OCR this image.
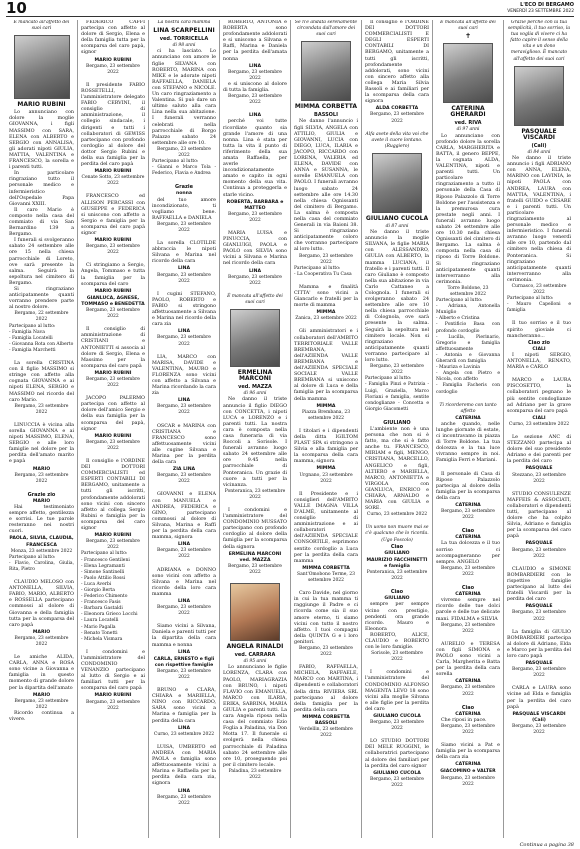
10	L'ECO DI BERGAMO
VENERDÌ 23 SETTEMBRE 2022
È mancato all'affetto dei suoi cari
MARIO RUBINI

Lo annunciano con dolore la moglie GIOVANNA, i figli MASSIMO con SARA, ELENA con ALBERTO e SERGIO con ANNALISA, gli adorati nipoti GIULIA, MATTIA, VALENTINA e FRANCESCO, la sorella e i parenti tutti.

In particolare ringraziano tutto il personale medico e infermieristico dell'Ospedale Papa Giovanni XXIII.

Il caro Mario è composto nella casa del commiato di via San Bernardino 139 a Bergamo.

I funerali si svolgeranno sabato 24 settembre alle ore 15 nella chiesa parrocchiale di Loreto, ove sarà presente la salma. Seguirà la sepoltura nel cimitero di Bergamo.

Si ringraziano anticipatamente quanti vorranno prendere parte al nostro dolore.

Bergamo, 22 settembre 2022
Partecipano al lutto:
- Famiglia Nava
- Famiglia Locatelli
- Giovanna Rota con Alberto
- Famiglia Marchetti

La sorella CRISTINA con il figlio MASSIMO si stringe con affetto alla cognata GIOVANNA e ai nipoti ELENA, SERGIO e MASSIMO nel ricordo del caro Mario.

Bergamo, 23 settembre 2022

LINUCCIA è vicina alla sorella GIOVANNA e ai nipoti MASSIMO, ELENA, SERGIO e alle loro famiglie nel dolore per la perdita dell'amato marito e papà

MARIO
Bergamo, 23 settembre 2022
Grazie zio
MARIO

Hai testimoniato sempre affetto, gentilezza e sorrisi. Le tue parole resteranno nei nostri cuori.

PAOLA, SILVIA, CLAUDIA, FRANCESCA
Monza, 23 settembre 2022
Partecipano al lutto:
- Flavio, Carolina, Giulia, Rita, Pietro

CLAUDIO MELOSO con ANTONELLA, SILVIA, FABIO, MARIO, ALBERTO e ROSSELLA partecipano commossi al dolore di Giovanna e della famiglia tutta per la scomparsa del caro papà

MARIO
Bergamo, 23 settembre 2022

Le amiche ALIDA, CARLA, ANNA e ROSA sono vicine a Giovanna e famiglia in questo momento di grande dolore per la dipartita dell'amato

MARIO
Bergamo, 23 settembre 2022

Ricordo continua a vivere.

FEDERICO CAFFI partecipa con affetto al dolore di Sergio, Elena e della famiglia tutta per la scomparsa del caro papà, signor

MARIO RUBINI
Bergamo, 23 settembre 2022

Il presidente FABIO ROSSETELLI, l'amministratore delegato FABIO CERVINI, il consiglio di amministrazione, il collegio sindacale, i dirigenti e tutti i collaboratori di GEWISS partecipano con profondo cordoglio al dolore del dottor Sergio Rubini e della sua famiglia per la perdita del caro papà

MARIO RUBINI
Cenate Sotto, 23 settembre 2022

FRANCESCO ed ALLISON PERCASSI con GIUSEPPE e FEDERICA si uniscono con affetto a Sergio e famiglia per la scomparsa del caro papà signor

MARIO RUBINI
Bergamo, 23 settembre 2022

Ci stringiamo a Sergio, Angela, Tommaso e tutta la famiglia per la scomparsa del caro

MARIO RUBINI
GIANLUCA, AGNESE, TOMMASO e BENEDETTA
Bergamo, 23 settembre 2022

Il consiglio di amministrazione di CRISTIANI e ANTONIETTI si associa al dolore di Sergio, Elena e Massimo per la scomparsa del caro papà

MARIO RUBINI
Bergamo, 23 settembre 2022

JACOPO PALERMO partecipa con affetto al dolore dell'amico Sergio e della sua famiglia per la scomparsa del papà, signor

MARIO RUBINI
Bergamo, 23 settembre 2022

Il consiglio e l'ORDINE DEI DOTTORI COMMERCIALISTI ed ESPERTI CONTABILI DI BERGAMO, unitamente a tutti gli iscritti, profondamente addolorati sono vicini con sincero affetto al collega Sergio Rubini e famiglia per la scomparsa del caro signor

MARIO RUBINI
Bergamo, 23 settembre 2022
Partecipano al lutto:
- Francesco Gentileni
- Elena Legramanti
- Simone Santinelli
- Paolo Attilio Rossi
- Luca Averbi
- Giorgio Berta
- Federico Chimento
- Francesco Fasis
- Barbara Gastaldi
- Eleonora Grieco Locchi
- Laura Locatelli
- Mario Pagalla
- Renato Tonetti
- Michela Vismara

I condomini e l'amministratore del CONDOMINIO VENANZIO partecipano al lutto di Sergio e ai familiari tutti per la scomparsa del caro papà

MARIO RUBINI
Bergamo, 23 settembre 2022
La nostra cara mamma
LINA SCARPELLINI
ved. TORRICELLA
di 98 anni

ci ha lasciato. Lo annunciano con amore le figlie SILVANA con ROBERTO, MARINA con MIKE e le adorate nipoti RAFFAELLA, DANIELA con STEFANO e NICOLE. Un caro ringraziamento a Valentina. Si può dare un ultimo saluto alla cara Lina nella sua abitazione. I funerali verranno celebrati nella parrocchiale di Borgo Palazzo sabato 24 settembre alle ore 10.

Bergamo, 23 settembre 2022
Partecipano al lutto:
- Gianni e Marco Tola - Federico, Flavia e Andrea
Grazie
nonna

del tuo amore incondizionato, ti vogliamo bene. RAFFAELLA e DANIELA

Bergamo, 23 settembre 2022

La sorella CLOTILDE abbraccia le nipoti Silvana e Marina nel ricordo della cara

LINA
Bergamo, 23 settembre 2022

I cugini STEFANO, PAOLO, ROBERTO e FABIO si stringono affettuosamente a Silvana e Marina nel ricordo della cara zia

LINA
Bergamo, 23 settembre 2022

LIA, MARCO con MARISA, DAVIDE e VALENTINA, MAURO e FLORENZA sono vicini con affetto a Silvana e Marina ricordando la cara zia

LINA
Bergamo, 23 settembre 2022

OSCAR e MARINA con CRISTIANA e FRANCESCO sono affettuosamente vicini alle cugine Silvana e Marina per la perdita della cara

ZIA LINA
Bergamo, 23 settembre 2022

GIOVANNI e ELENA con MANUELA e ANDREA, FEDERICA e GINO, partecipano commossi al dolore di Silvana, Marina e Raffi per la perdita della cara mamma, signora

LINA
Bergamo, 23 settembre 2022

ADRIANA e DONNO sono vicini con affetto a Silvana e Marina nel ricordo della loro cara mamma

LINA
Bergamo, 23 settembre 2022

Siamo vicini a Silvana, Daniela e parenti tutti per la dipartita della cara mamma e nonna

LINA
CARLA, ERNESTO e figli con rispettive famiglie
Bergamo, 23 settembre 2022

BRUNO e CLARA, CHIARA e MARIELLA, NINO con RICCARDO, SARA sono vicini a Marina e famiglia per la perdita della cara

LINA
Curno, 23 settembre 2022

LUISA, UMBERTO ed ANDREA con MARIA PAOLA e famiglia sono affettuosamente vicini a Marina e Raffaella per la perdita della cara zia, signora

LINA
Bergamo, 23 settembre 2022

ROBERTO, ANTONIA e ROBERTA sono profondamente addolorati e si uniscono a Silvana e Raffi, Marina e Daniela per la perdita dell'amata nonna

LINA
Bergamo, 23 settembre 2022

e si uniscono al dolore di tutta la famiglia.

Bergamo, 23 settembre 2022
LINA

perché voi tutte ricordiate quanto sia grande l'amore di una nonna. Lina è stata per tutta la vita il punto di riferimento della sua amata Raffaella, per averle incondizionatamente amato e capito in ogni momento della sua vita. Continua a proteggerla e starle vicino.

ROBERTA, BARBARA e MATTEO
Bergamo, 23 settembre 2022

MARIA LUISA e PINUCCIA, con GIANLUIGI, PAOLA e PAOLO con SILVIA sono vicini a Silvana e Marina nel ricordo della cara

LINA
Bergamo, 23 settembre 2022
È mancata all'affetto dei suoi cari
ERMELINA MARCONI
ved. MAZZA
di 96 anni

Ne danno il triste annuncio il figlio DIEGO con CONCETTA, i nipoti LUCA e LORENZO e i parenti tutti. La nostra cara è composta nella casa funeraria di via Roccoli a Sorisole. I funerali avranno luogo sabato 24 settembre alle ore 9.45 nella parrocchiale di Ponteranica. Un grazie di cuore a tutti per la vicinanza.

Ponteranica, 23 settembre 2022

I condomini e l'amministratore del CONDOMINIO MUSSATO partecipano con profondo cordoglio al dolore della famiglia per la scomparsa della signora

ERMELINA MARCONI ved. MAZZA
Bergamo, 23 settembre 2022
ANGELA RINALDI
ved. CARRARA
di 95 anni

Lo annunciano le figlie LORENZA, CLARA con PAOLO, MARIAGRAZIA con BRUNO, i nipoti FLAVIO con EMANUELA, MARCO con ILARIA, ERIKA, SABRINA, MARIA GIULIA e parenti tutti. La cara Angela riposa nella casa del commiato Ezio Foglia a Paladina, via Don Motta 17. Il funerale si svolgerà nella chiesa parrocchiale di Paladina sabato 24 settembre alle ore 10, proseguendo poi per il cimitero locale.

Paladina, 23 settembre 2022
Se n'è andata serenamente circondata dall'amore dei suoi cari
MIMMA CORBETTA
BASSOLI

Ne danno l'annuncio i figli SILVIA, ANGELA con ATTILIO, GIULIA e GIOVANNI, LUCIA con DIEGO, LUCA, ILARIA e JACOPO, RICCARDO con LORENA, VALERIA ed ELENA, DAVIDE con ANNA e SUSANNA, le sorelle EMANUELA con PAOLO. I funerali avranno luogo sabato 24 settembre alle ore 14.30 nella chiesa Ognissanti del cimitero di Bergamo. La salma è composta nella casa del commiato Generali in via Baioni 38. Si ringraziano anticipatamente coloro che vorranno partecipare al loro lutto.

Bergamo, 23 settembre 2022
Partecipano al lutto:
- La Cooperativa Tu Casa

Mamma e finalità CITTA' sono vicini a Giancarlo e fratelli per la morte di mamma

MIMMA
Zanica, 23 settembre 2022

Gli amministratori e i collaboratori dell'AMBITO TERRITORIALE VALLE BREMBANA, dell'AZIENDA VALLE BREMBANA e dell'AZIENDA SPECIALE SOCIALE VALLE BREMBANA si uniscono al dolore di Luca e della famiglia per la scomparsa della mamma

MIMMA
Piazza Brembana, 23 settembre 2022

I titolari e i dipendenti della ditta IGILTOM PLAST SPA si stringono a Silvia e alla famiglia per la scomparsa della cara mamma, signora

MIMMA
Urgnano, 23 settembre 2022

Il Presidente e i consiglieri dell'AMBITO VALLE IMAGNA VILLA D'ALMÈ, unitamente al consiglio di amministrazione e ai collaboratori dell'AZIENDA SPECIALE CONSORTILE, esprimono sentito cordoglio a Luca per la perdita della cara mamma

MIMMA CORBETTA
Sant'Omobono Terme, 23 settembre 2022

Caro Davide, nel giorno in cui la tua mamma ti raggiunge il Padre e ci ricorda come sia il suo amore eterno, ti siamo vicini con tutto il nostro affetto. I tuoi compagni della QUINTA G e i loro genitori.

Bergamo, 23 settembre 2022

FABIO, RAFFAELLA, MICHELA, RAFFAELE, MARCO con MARTINA, i dipendenti e collaboratori della ditta RIVIERA SRL partecipano al dolore della famiglia per la perdita della cara

MIMMA CORBETTA BASSOLI
Verdellin, 23 settembre 2022

Il consiglio e l'ORDINE DEI DOTTORI COMMERCIALISTI E DEGLI ESPERTI CONTABILI DI BERGAMO, unitamente a tutti gli iscritti, profondamente addolorati, sono vicini con sincero affetto alla collega Maria Silvia Bassoli e ai familiari per la scomparsa della cara signora

ALDA CORBETTA
Bergamo, 23 settembre 2022
Alfa avete della vita voi che avete il cuore lontano. (Ruggiero)
GIULIANO CUCOLA
di 87 anni

Ne danno il triste annuncio la moglie SILVANA, le figlie MARIA con ALESSANDRO, GIULIA con ALBERTO, la mamma LUCIANA, il fratello e i parenti tutti. Il caro Giuliano è composto nella sua abitazione in via Carlo Cattaneo a Colognola. I funerali si svolgeranno sabato 24 settembre alle ore 10 nella chiesa parrocchiale di Colognola, ove sarà presente la salma. Seguirà la sepoltura nel cimitero locale. Non si ringraziano anticipatamente quanti vorranno partecipare al loro lutto.

Bergamo, 23 settembre 2022
Partecipano al lutto:
- Famiglia Pinzi e Patrizia - Luigi, Graziella, Marco Floriani e famiglia, sentite condoglianze - Concetta e Giorgio Giacometti
GIULIANO

L'ambiente non è una persona che non si è fatto, ma che si è fatto anche tu. FRANCESCO, MIRIAM e figli, MENGO, CRISTIANA, MARCELLO, ANGELICO e figli, ALTIERO e MARIELLA, MARCO, ANTONIETTA e VIRGOLA con GIANLUCA, ENRICO e CHIARA, ARNALDO e MARIA con GIULIA e SORE.

Curno, 23 settembre 2022
Un uomo non muore mai se c'è qualcuno che lo ricorda. (Ugo Foscolo)
Ciao
GIULIANO
MAURIZIO FACCHINETTI e famiglia
Ponteranica, 23 settembre 2022
Ciao
GIULIANO

sempre per sempre vicino con prestigio, pendenti ora grande ricordo. Mauro e Eleonora

ROBERTO, ALICE, CLAUDIO e ROBERTO con le loro famiglie.

Sorisole, 23 settembre 2022

I condomini e l'amministratore del CONDOMINIO ALFONSO MAGENTA LEVO 18 sono vicini alla moglie Silvana e alle figlie per la perdita del caro

GIULIANO CUCOLA
Bergamo, 23 settembre 2022

LO STUDIO DOTTORI DEI MELE RUGGINI, le collaboratrici partecipano al dolore dei familiari per la perdita del caro signor

GIULIANO CUCOLA
Bergamo, 23 settembre 2022
È mancata all'affetto dei suoi cari
✝
CATERINA GHERARDI
ved. RIVA
di 97 anni

Lo annunciano con profondo dolore la sorella CARLA, MARGHERITA e BATTA, il genero BEPPE, la cognata ALDA, VALENTINA, nipoti e parenti tutti. Un particolare ringraziamento a tutto il personale della Casa di Riposo Palazzolo di Torre Boldone per l'assistenza e la premurosa cura prestate negli anni. I funerali avranno luogo sabato 24 settembre alle ore 10.30 nella chiesa Ognissanti del cimitero di Bergamo. La salma è composta nella casa di riposo di Torre Boldone. Si ringraziano anticipatamente quanti interverranno alla cerimonia.

Torre Boldone, 23 settembre 2022
Partecipano al lutto:
- Adriana, Antonella Muniglio
- Alberto e Cristina
- Pontificio Basa con profondo cordoglio
- Lucilla, Pierinario, Gregorio e famiglia affettuosamente
- Antonia e Giovanna Gherardi con famiglia
- Mauriza e Lavinia
- Angela con Pietro e Nicola, con affetto
- Famiglia Facheris con cordoglio
Ti ricorderemo con tanto affetto
CATERINA

anche quando, nelle lunghe giornate di estate, ci incontravamo in piazza di Torre Boldone. La tua dolcezza e la tua luce vivranno sempre in noi. Famiglia Ferri e Mariani.

Il personale di Casa di Riposo Palazzolo partecipa al dolore della famiglia per la scomparsa della cara

CATERINA
Bergamo, 23 settembre 2022
Ciao
CATERINA

La tua dolcezza e il tuo sorriso ci accompagneranno per sempre. ANGELO

Bergamo, 23 settembre 2022
Ciao
CATERINA

vivremo sempre nel ricordo delle tue dolci parole e delle tue delicate mani. FIDALMA e SILVIA

Bergamo, 23 settembre 2022

AURELIO e TERESA con figli SIMONA e PAOLO sono vicini a Carla, Margherita e Batta per la perdita della cara sorella

CATERINA
Bergamo, 23 settembre 2022
Ciao
CATERINA

Che riposi in pace.

Bergamo, 23 settembre 2022

Siamo vicini a Pat e famiglia per la scomparsa della cara zia

CATERINA
GIACOMINO e VALTER
Bergamo, 23 settembre 2022
Grazie perché con la tua semplicità, il tuo sorriso, la tua voglia di vivere ci ha fatto capire il senso della vita e un dono meraviglioso. È mancato all'affetto dei suoi cari
PASQUALE VISCARDI
(Cali)
di 84 anni

Ne danno il triste annuncio i figli ADRIANO con ANNA, ELENA, MARINO con LAVINIA, le nipoti PAOLA con ANDREA, LAURA con MATTIA, VALENTINA, i fratelli GUIDO e CESARE e i parenti tutti. Un particolare ringraziamento al personale medico e infermieristico. I funerali avranno luogo venerdì alle ore 10, partendo dal cimitero nella chiesa di Ponteranica. Si ringraziano anticipatamente quanti interverranno alla cerimonia.

Curnasco, 23 settembre 2022
Partecipano al lutto:
- Mauro Capelloni e famiglia

Il tuo sorriso e il tuo spirito gioviale ci mancheranno...

Ciao zio
CIALI

I nipoti SERGIO, ANTONELLA, RENATO, MARIA e CARLO

MARCO e LAURA PISCOSETTO, la collaboratori pegnano le più sentite condoglianze ad Adriano per la grave scomparsa del caro papà

CIALI
Curno, 23 settembre 2022

Le sezione ANC di STEZZANO partecipa al dolore del suo presidente Adriano e dei parenti per la perdita del caro

PASQUALE
Stezzano, 23 settembre 2022

STUDIO CONSULENZE MAFFEIS & ASSOCIATI, collaboratori e dipendenti tutti, partecipano al dolore che ha colpito Silvia, Adriano e famiglia per la scomparsa del caro papà

PASQUALE
Bergamo, 23 settembre 2022

CLAUDIO e SIMONE BOMBARDIERI con le rispettive famiglie partecipano al lutto dei fratelli Viscardi per la perdita del caro

PASQUALE
Bergamo, 23 settembre 2022

La famiglia di GIULIO BOMBARDIERI partecipa al dolore di Adriano, Elda e Marco per la perdita del loro caro papà

PASQUALE
Bergamo, 23 settembre 2022

CARLA e LAURA sono vicine ad Elda e famiglia per la perdita del caro papà

PASQUALE VISCARDI (Cali)
Bergamo, 23 settembre 2022
Continua a pagina 38
